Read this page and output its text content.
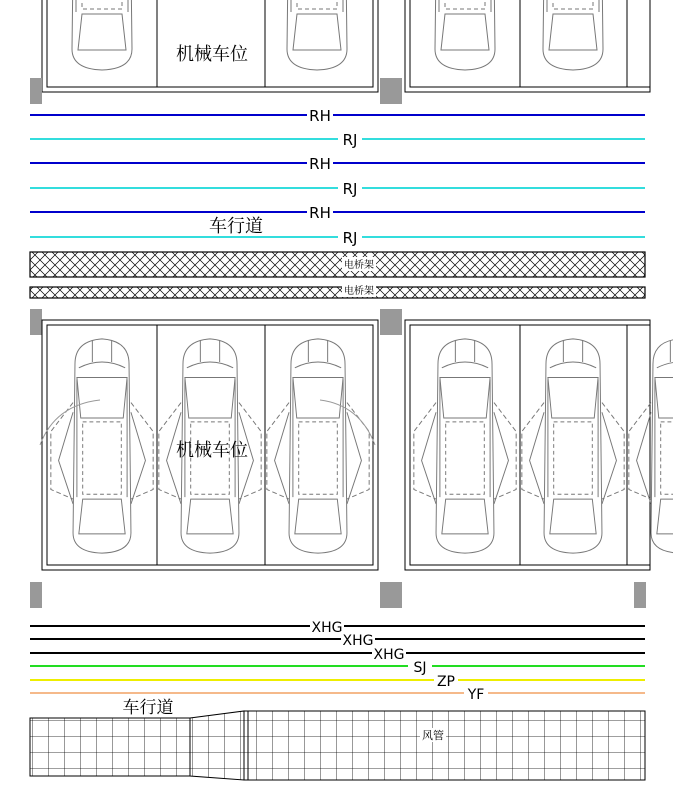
机械车位
RH
RJ
RH
RJ
RH
RJ
车行道
电桥架
电桥架
机械车位
XHG
XHG
XHG
SJ
ZP
YF
车行道
风管
